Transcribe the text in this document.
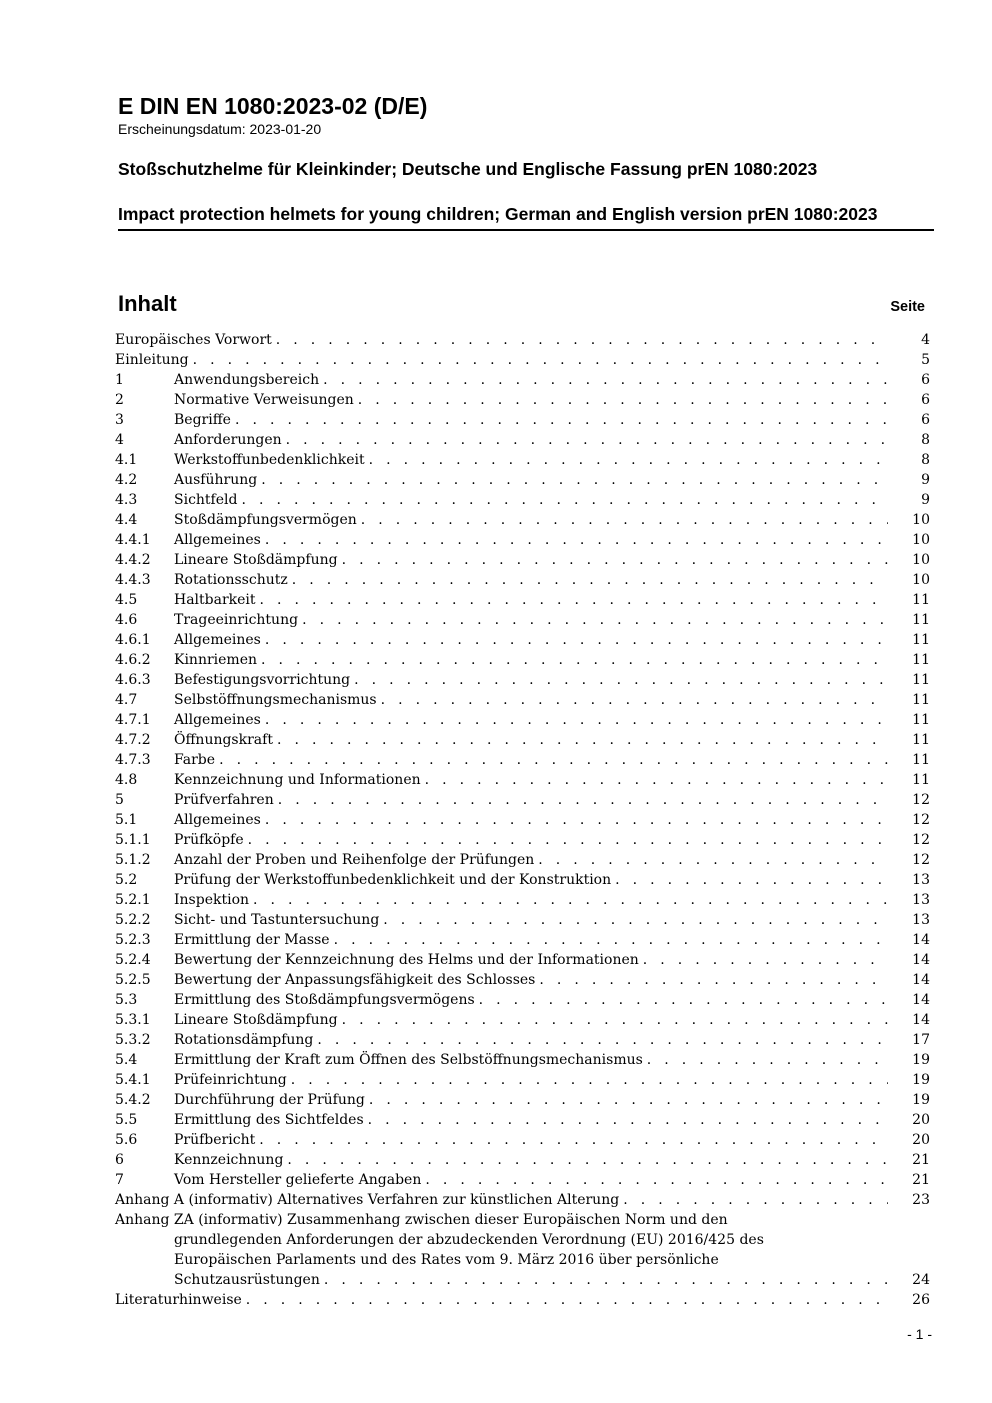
E DIN EN 1080:2023-02 (D/E)

Erscheinungsdatum: 2023-01-20

Stoßschutzhelme für Kleinkinder; Deutsche und Englische Fassung prEN 1080:2023
Impact protection helmets for young children; German and English version prEN 1080:2023
Inhalt	Seite
Europäisches Vorwort . . .	4
Einleitung . . .	5
1	Anwendungsbereich . . .	6
2	Normative Verweisungen . . .	6
3	Begriffe . . .	6
4	Anforderungen . . .	8
4.1	Werkstoffunbedenklichkeit . . .	8
4.2	Ausführung . . .	9
4.3	Sichtfeld . . .	9
4.4	Stoßdämpfungsvermögen . . .	10
4.4.1	Allgemeines . . .	10
4.4.2	Lineare Stoßdämpfung . . .	10
4.4.3	Rotationsschutz . . .	10
4.5	Haltbarkeit . . .	11
4.6	Trageeinrichtung . . .	11
4.6.1	Allgemeines . . .	11
4.6.2	Kinnriemen . . .	11
4.6.3	Befestigungsvorrichtung . . .	11
4.7	Selbstöffnungsmechanismus . . .	11
4.7.1	Allgemeines . . .	11
4.7.2	Öffnungskraft . . .	11
4.7.3	Farbe . . .	11
4.8	Kennzeichnung und Informationen . . .	11
5	Prüfverfahren . . .	12
5.1	Allgemeines . . .	12
5.1.1	Prüfköpfe . . .	12
5.1.2	Anzahl der Proben und Reihenfolge der Prüfungen . . .	12
5.2	Prüfung der Werkstoffunbedenklichkeit und der Konstruktion . . .	13
5.2.1	Inspektion . . .	13
5.2.2	Sicht- und Tastuntersuchung . . .	13
5.2.3	Ermittlung der Masse . . .	14
5.2.4	Bewertung der Kennzeichnung des Helms und der Informationen . . .	14
5.2.5	Bewertung der Anpassungsfähigkeit des Schlosses . . .	14
5.3	Ermittlung des Stoßdämpfungsvermögens . . .	14
5.3.1	Lineare Stoßdämpfung . . .	14
5.3.2	Rotationsdämpfung . . .	17
5.4	Ermittlung der Kraft zum Öffnen des Selbstöffnungsmechanismus . . .	19
5.4.1	Prüfeinrichtung . . .	19
5.4.2	Durchführung der Prüfung . . .	19
5.5	Ermittlung des Sichtfeldes . . .	20
5.6	Prüfbericht . . .	20
6	Kennzeichnung . . .	21
7	Vom Hersteller gelieferte Angaben . . .	21
Anhang A (informativ) Alternatives Verfahren zur künstlichen Alterung . . .	23
Anhang ZA (informativ) Zusammenhang zwischen dieser Europäischen Norm und den
grundlegenden Anforderungen der abzudeckenden Verordnung (EU) 2016/425 des
Europäischen Parlaments und des Rates vom 9. März 2016 über persönliche
Schutzausrüstungen . . .	24
Literaturhinweise . . .	26
- 1 -
